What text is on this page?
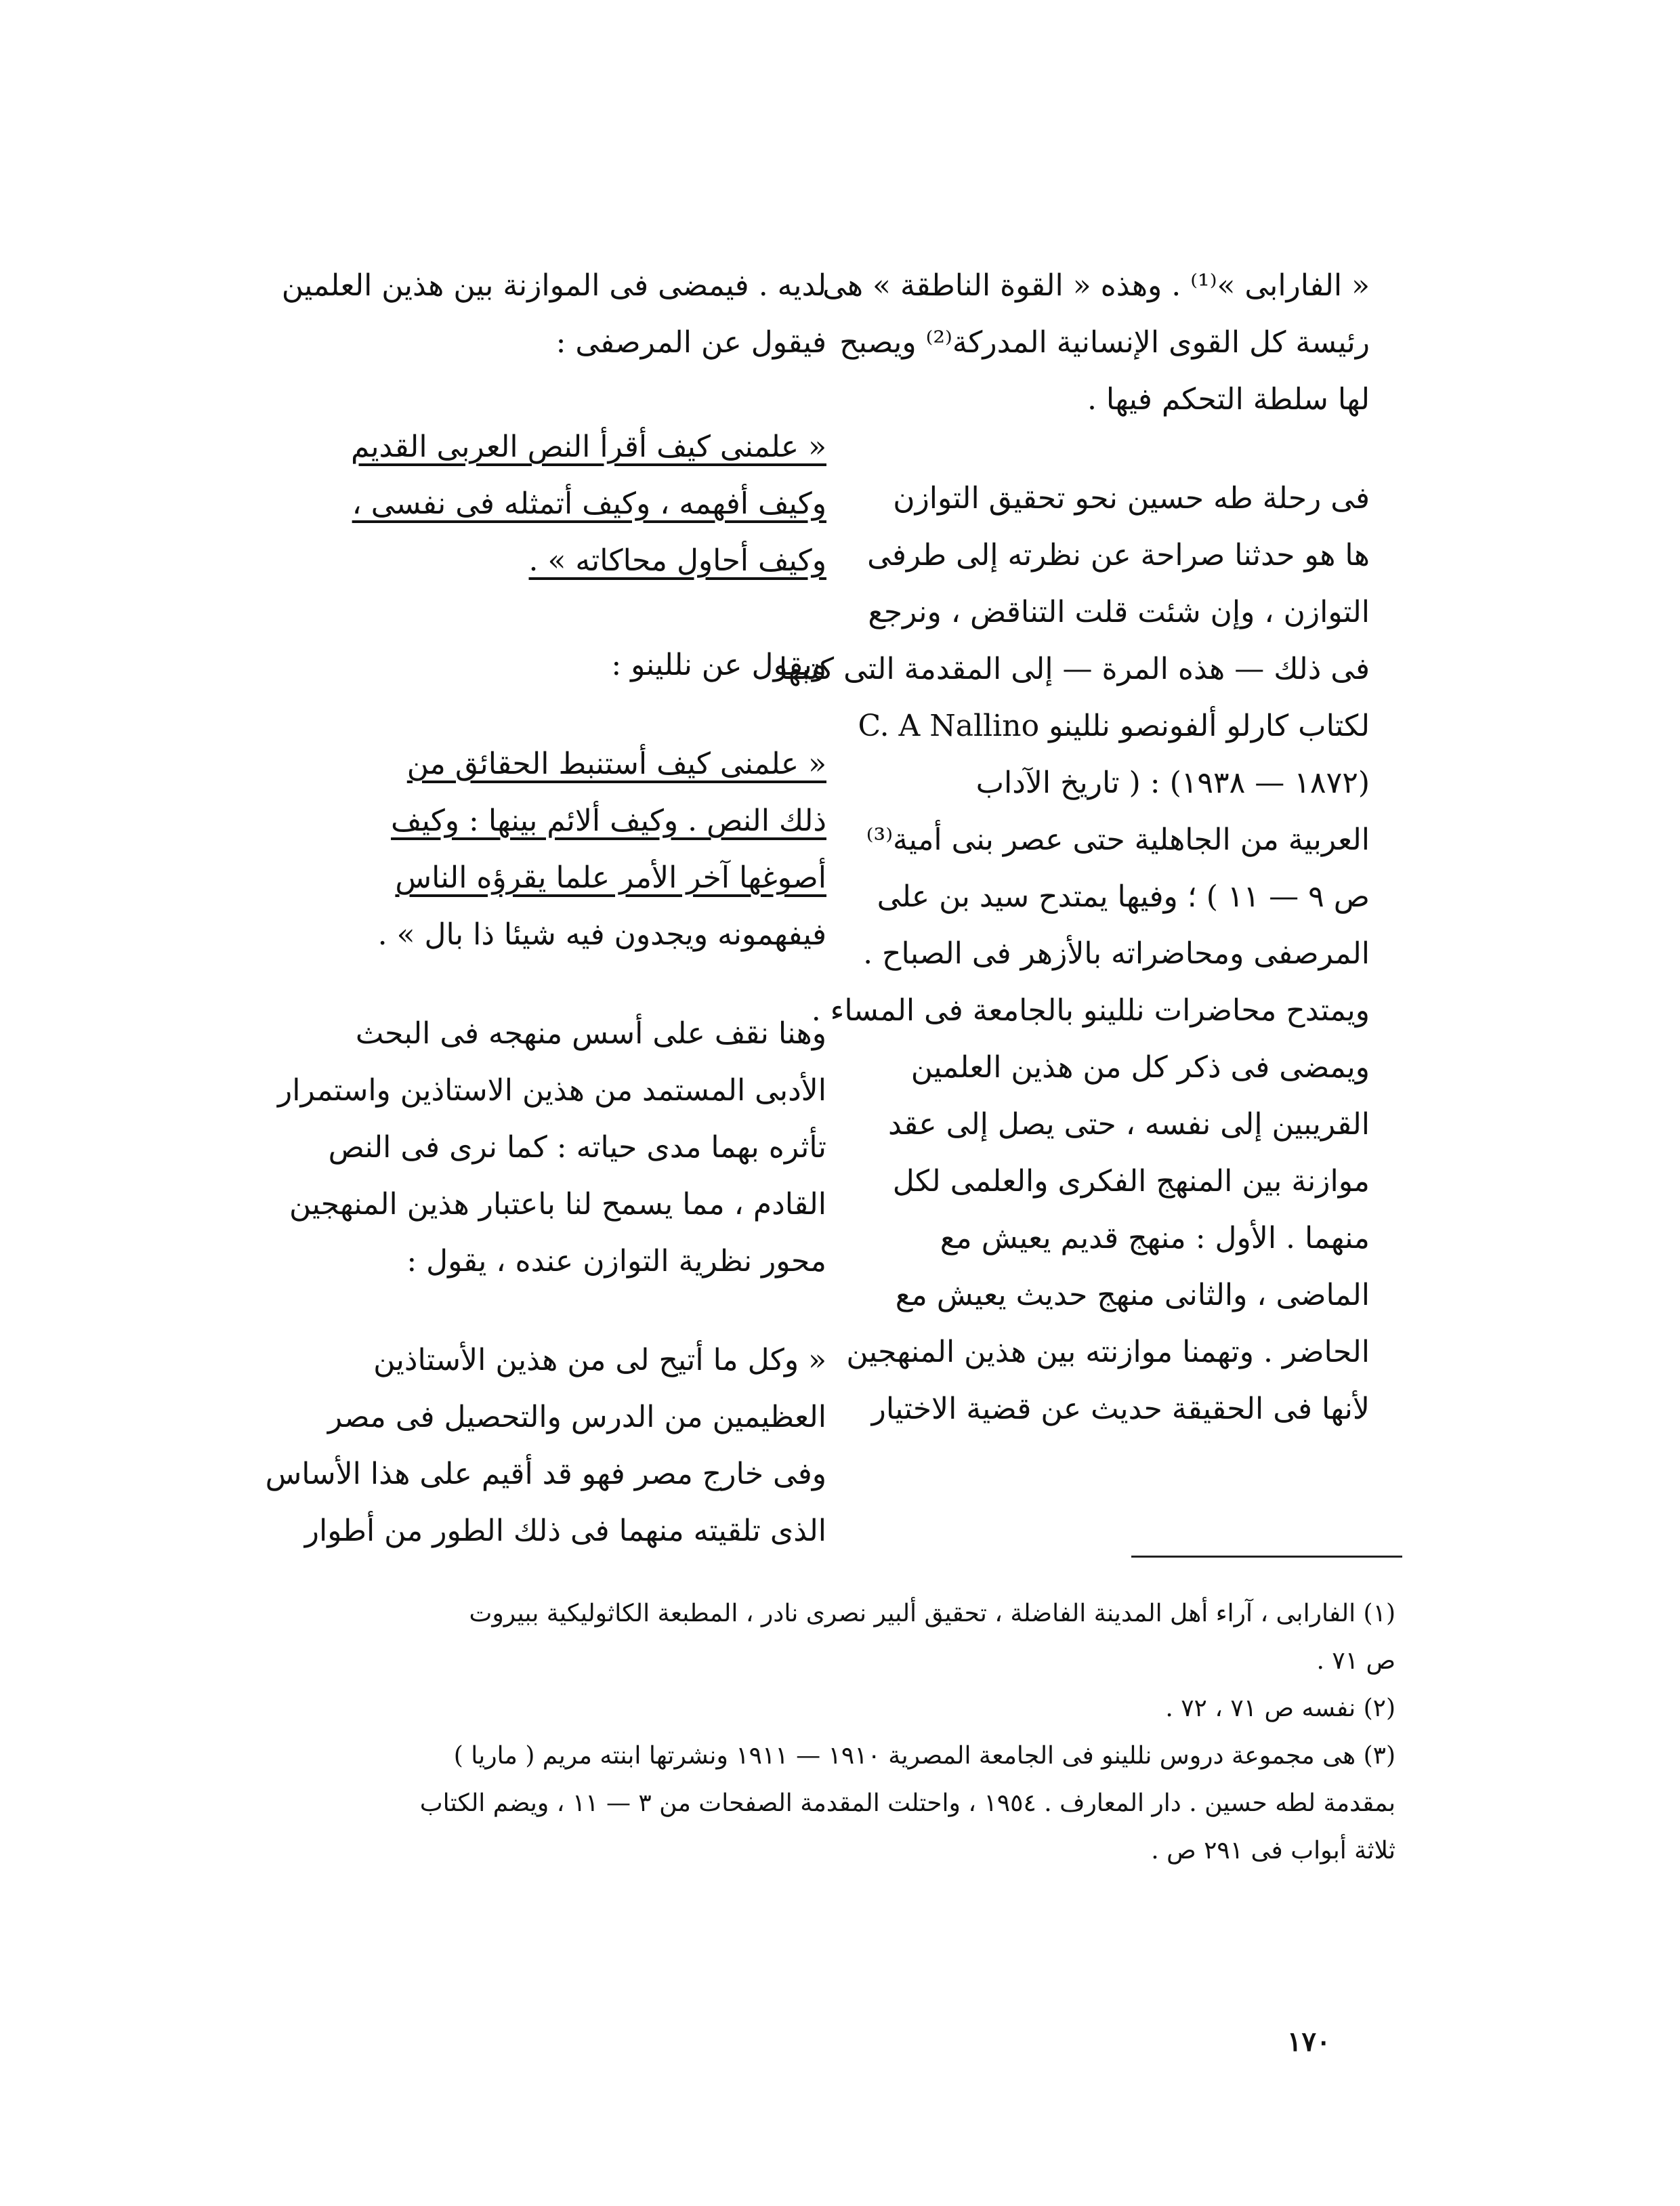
« الفارابى »⁽¹⁾ . وهذه « القوة الناطقة » هى

رئيسة كل القوى الإنسانية المدركة⁽²⁾ ويصبح

لها سلطة التحكم فيها .

فى رحلة طه حسين نحو تحقيق التوازن

ها هو حدثنا صراحة عن نظرته إلى طرفى

التوازن ، وإن شئت قلت التناقض ، ونرجع

فى ذلك — هذه المرة — إلى المقدمة التى كتبها

لكتاب كارلو ألفونصو نللينو C. A Nallino

(١٨٧٢ — ١٩٣٨) : ( تاريخ الآداب

العربية من الجاهلية حتى عصر بنى أمية⁽³⁾

ص ٩ — ١١ ) ؛ وفيها يمتدح سيد بن على

المرصفى ومحاضراته بالأزهر فى الصباح .

ويمتدح محاضرات نللينو بالجامعة فى المساء .

ويمضى فى ذكر كل من هذين العلمين

القريبين إلى نفسه ، حتى يصل إلى عقد

موازنة بين المنهج الفكرى والعلمى لكل

منهما . الأول : منهج قديم يعيش مع

الماضى ، والثانى منهج حديث يعيش مع

الحاضر . وتهمنا موازنته بين هذين المنهجين

لأنها فى الحقيقة حديث عن قضية الاختيار

لديه . فيمضى فى الموازنة بين هذين العلمين

فيقول عن المرصفى :

« علمنى كيف أقرأ النص العربى القديم

وكيف أفهمه ، وكيف أتمثله فى نفسى ،

وكيف أحاول محاكاته » .

ويقول عن نللينو :

« علمنى كيف أستنبط الحقائق من

ذلك النص . وكيف ألائم بينها : وكيف

أصوغها آخر الأمر علما يقرؤه الناس

فيفهمونه ويجدون فيه شيئا ذا بال » .

وهنا نقف على أسس منهجه فى البحث

الأدبى المستمد من هذين الاستاذين واستمرار

تأثره بهما مدى حياته : كما نرى فى النص

القادم ، مما يسمح لنا باعتبار هذين المنهجين

محور نظرية التوازن عنده ، يقول :

« وكل ما أتيح لى من هذين الأستاذين

العظيمين من الدرس والتحصيل فى مصر

وفى خارج مصر فهو قد أقيم على هذا الأساس

الذى تلقيته منهما فى ذلك الطور من أطوار

(١) الفارابى ، آراء أهل المدينة الفاضلة ، تحقيق ألبير نصرى نادر ، المطبعة الكاثوليكية ببيروت

ص ٧١ .

(٢) نفسه ص ٧١ ، ٧٢ .

(٣) هى مجموعة دروس نللينو فى الجامعة المصرية ١٩١٠ — ١٩١١ ونشرتها ابنته مريم ( ماريا )

بمقدمة لطه حسين . دار المعارف . ١٩٥٤ ، واحتلت المقدمة الصفحات من ٣ — ١١ ، ويضم الكتاب

ثلاثة أبواب فى ٢٩١ ص .

١٧٠
